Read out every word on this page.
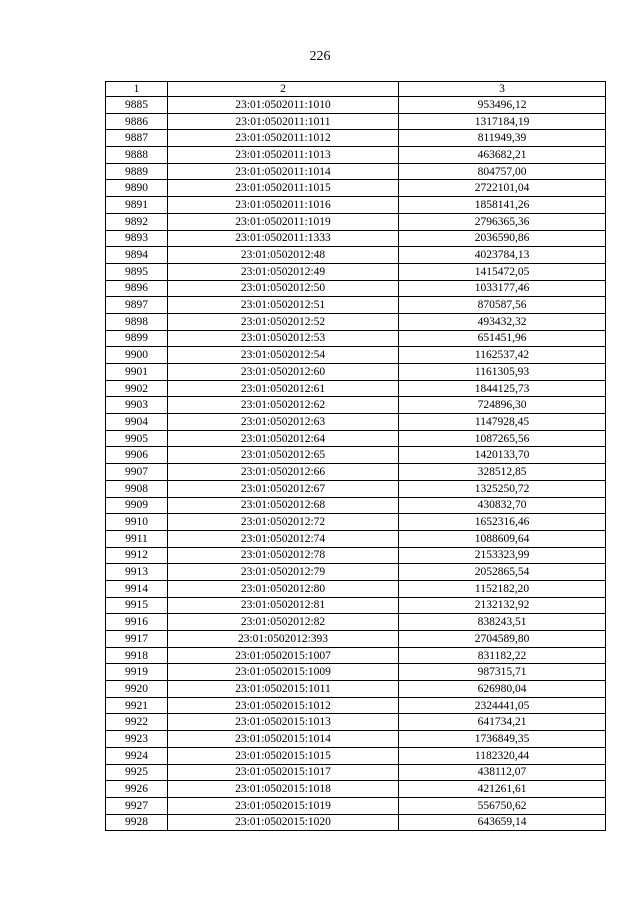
226
1	2	3
9885	23:01:0502011:1010	953496,12
9886	23:01:0502011:1011	1317184,19
9887	23:01:0502011:1012	811949,39
9888	23:01:0502011:1013	463682,21
9889	23:01:0502011:1014	804757,00
9890	23:01:0502011:1015	2722101,04
9891	23:01:0502011:1016	1858141,26
9892	23:01:0502011:1019	2796365,36
9893	23:01:0502011:1333	2036590,86
9894	23:01:0502012:48	4023784,13
9895	23:01:0502012:49	1415472,05
9896	23:01:0502012:50	1033177,46
9897	23:01:0502012:51	870587,56
9898	23:01:0502012:52	493432,32
9899	23:01:0502012:53	651451,96
9900	23:01:0502012:54	1162537,42
9901	23:01:0502012:60	1161305,93
9902	23:01:0502012:61	1844125,73
9903	23:01:0502012:62	724896,30
9904	23:01:0502012:63	1147928,45
9905	23:01:0502012:64	1087265,56
9906	23:01:0502012:65	1420133,70
9907	23:01:0502012:66	328512,85
9908	23:01:0502012:67	1325250,72
9909	23:01:0502012:68	430832,70
9910	23:01:0502012:72	1652316,46
9911	23:01:0502012:74	1088609,64
9912	23:01:0502012:78	2153323,99
9913	23:01:0502012:79	2052865,54
9914	23:01:0502012:80	1152182,20
9915	23:01:0502012:81	2132132,92
9916	23:01:0502012:82	838243,51
9917	23:01:0502012:393	2704589,80
9918	23:01:0502015:1007	831182,22
9919	23:01:0502015:1009	987315,71
9920	23:01:0502015:1011	626980,04
9921	23:01:0502015:1012	2324441,05
9922	23:01:0502015:1013	641734,21
9923	23:01:0502015:1014	1736849,35
9924	23:01:0502015:1015	1182320,44
9925	23:01:0502015:1017	438112,07
9926	23:01:0502015:1018	421261,61
9927	23:01:0502015:1019	556750,62
9928	23:01:0502015:1020	643659,14
